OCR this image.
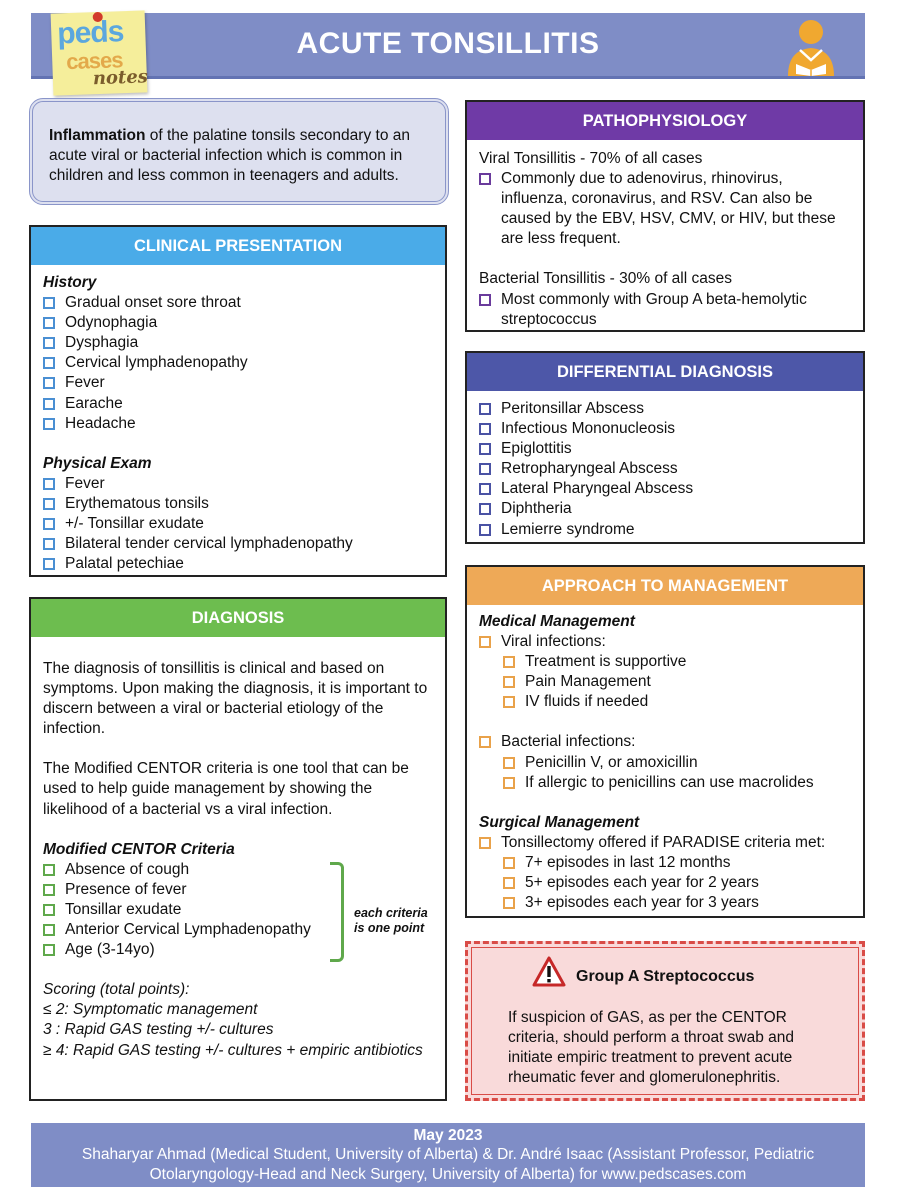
ACUTE TONSILLITIS
peds
cases
notes
Inflammation of the palatine tonsils secondary to an acute viral or bacterial infection which is common in children and less common in teenagers and adults.
CLINICAL PRESENTATION
History
Gradual onset sore throat
Odynophagia
Dysphagia
Cervical lymphadenopathy
Fever
Earache
Headache
Physical Exam
Fever
Erythematous tonsils
+/- Tonsillar exudate
Bilateral tender cervical lymphadenopathy
Palatal petechiae
DIAGNOSIS
The diagnosis of tonsillitis is clinical and based on symptoms. Upon making the diagnosis, it is important to discern between a viral or bacterial etiology of the infection.
The Modified CENTOR criteria is one tool that can be used to help guide management by showing the likelihood of a bacterial vs a viral infection.
Modified CENTOR Criteria
Absence of cough
Presence of fever
Tonsillar exudate
Anterior Cervical Lymphadenopathy
Age (3-14yo)
Scoring (total points):
≤ 2: Symptomatic management
3 : Rapid GAS testing +/- cultures
≥ 4: Rapid GAS testing +/- cultures + empiric antibiotics
each criteria
is one point
PATHOPHYSIOLOGY
Viral Tonsillitis - 70% of all cases
Commonly due to adenovirus, rhinovirus, influenza, coronavirus, and RSV. Can also be caused by the EBV, HSV, CMV, or HIV, but these are less frequent.
Bacterial Tonsillitis - 30% of all cases
Most commonly with Group A beta-hemolytic streptococcus
DIFFERENTIAL DIAGNOSIS
Peritonsillar Abscess
Infectious Mononucleosis
Epiglottitis
Retropharyngeal Abscess
Lateral Pharyngeal Abscess
Diphtheria
Lemierre syndrome
APPROACH TO MANAGEMENT
Medical Management
Viral infections:
Treatment is supportive
Pain Management
IV fluids if needed
Bacterial infections:
Penicillin V, or amoxicillin
If allergic to penicillins can use macrolides
Surgical Management
Tonsillectomy offered if PARADISE criteria met:
7+ episodes in last 12 months
5+ episodes each year for 2 years
3+ episodes each year for 3 years
Group A Streptococcus
If suspicion of GAS, as per the CENTOR criteria, should perform a throat swab and initiate empiric treatment to prevent acute rheumatic fever and glomerulonephritis.
May 2023
Shaharyar Ahmad (Medical Student, University of Alberta) & Dr. André Isaac (Assistant Professor, Pediatric Otolaryngology-Head and Neck Surgery, University of Alberta) for www.pedscases.com
